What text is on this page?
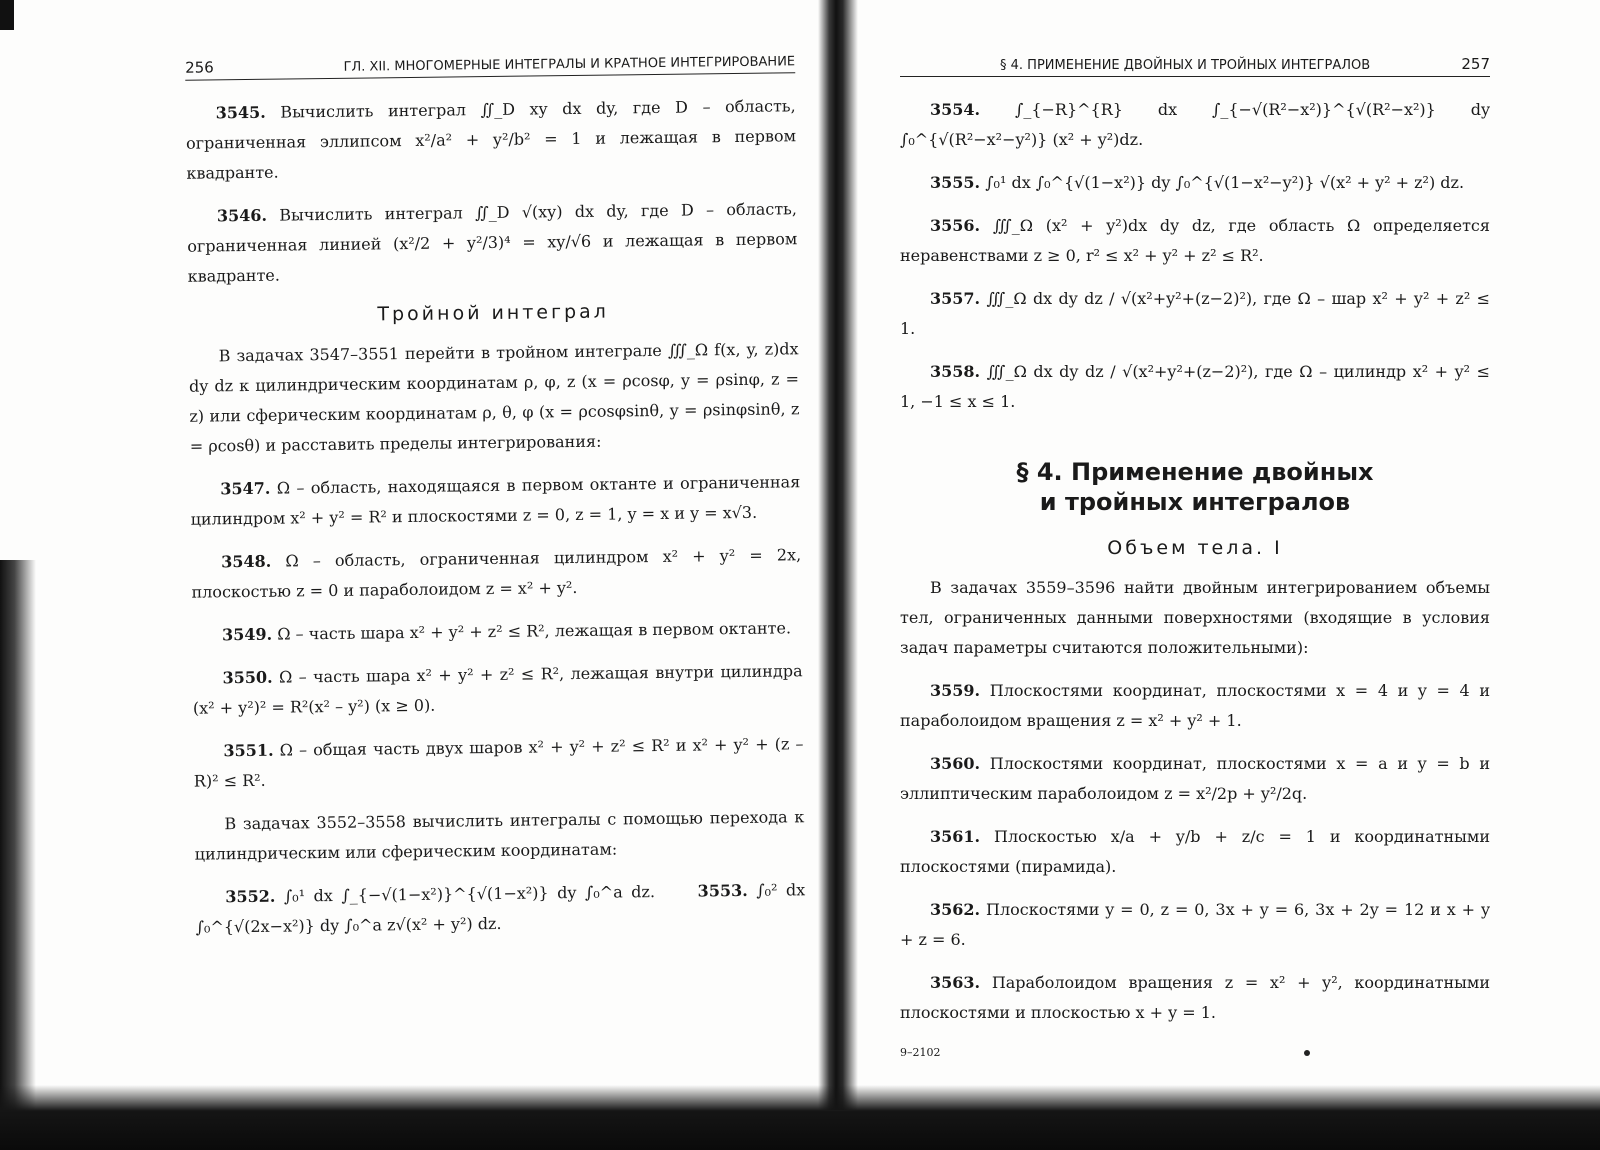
256	ГЛ. XII. МНОГОМЕРНЫЕ ИНТЕГРАЛЫ И КРАТНОЕ ИНТЕГРИРОВАНИЕ

3545. Вычислить интеграл ∬_D xy dx dy, где D – область, ограниченная эллипсом x²/a² + y²/b² = 1 и лежащая в первом квадранте.

3546. Вычислить интеграл ∬_D √(xy) dx dy, где D – область, ограниченная линией (x²/2 + y²/3)⁴ = xy/√6 и лежащая в первом квадранте.

Тройной интеграл

В задачах 3547–3551 перейти в тройном интеграле ∭_Ω f(x, y, z)dx dy dz к цилиндрическим координатам ρ, φ, z (x = ρcosφ, y = ρsinφ, z = z) или сферическим координатам ρ, θ, φ (x = ρcosφsinθ, y = ρsinφsinθ, z = ρcosθ) и расставить пределы интегрирования:

3547. Ω – область, находящаяся в первом октанте и ограниченная цилиндром x² + y² = R² и плоскостями z = 0, z = 1, y = x и y = x√3.

3548. Ω – область, ограниченная цилиндром x² + y² = 2x, плоскостью z = 0 и параболоидом z = x² + y².

3549. Ω – часть шара x² + y² + z² ≤ R², лежащая в первом октанте.

3550. Ω – часть шара x² + y² + z² ≤ R², лежащая внутри цилиндра (x² + y²)² = R²(x² – y²) (x ≥ 0).

3551. Ω – общая часть двух шаров x² + y² + z² ≤ R² и x² + y² + (z – R)² ≤ R².

В задачах 3552–3558 вычислить интегралы с помощью перехода к цилиндрическим или сферическим координатам:

3552. ∫₀¹ dx ∫_{−√(1−x²)}^{√(1−x²)} dy ∫₀^a dz.	3553. ∫₀² dx ∫₀^{√(2x−x²)} dy ∫₀^a z√(x² + y²) dz.

§ 4. ПРИМЕНЕНИЕ ДВОЙНЫХ И ТРОЙНЫХ ИНТЕГРАЛОВ	257

3554. ∫_{−R}^{R} dx ∫_{−√(R²−x²)}^{√(R²−x²)} dy ∫₀^{√(R²−x²−y²)} (x² + y²)dz.

3555. ∫₀¹ dx ∫₀^{√(1−x²)} dy ∫₀^{√(1−x²−y²)} √(x² + y² + z²) dz.

3556. ∭_Ω (x² + y²)dx dy dz, где область Ω определяется неравенствами z ≥ 0, r² ≤ x² + y² + z² ≤ R².

3557. ∭_Ω dx dy dz / √(x²+y²+(z−2)²), где Ω – шар x² + y² + z² ≤ 1.

3558. ∭_Ω dx dy dz / √(x²+y²+(z−2)²), где Ω – цилиндр x² + y² ≤ 1, −1 ≤ x ≤ 1.

§ 4. Применение двойных
и тройных интегралов
Объем тела. I

В задачах 3559–3596 найти двойным интегрированием объемы тел, ограниченных данными поверхностями (входящие в условия задач параметры считаются положительными):

3559. Плоскостями координат, плоскостями x = 4 и y = 4 и параболоидом вращения z = x² + y² + 1.

3560. Плоскостями координат, плоскостями x = a и y = b и эллиптическим параболоидом z = x²/2p + y²/2q.

3561. Плоскостью x/a + y/b + z/c = 1 и координатными плоскостями (пирамида).

3562. Плоскостями y = 0, z = 0, 3x + y = 6, 3x + 2y = 12 и x + y + z = 6.

3563. Параболоидом вращения z = x² + y², координатными плоскостями и плоскостью x + y = 1.

9–2102
